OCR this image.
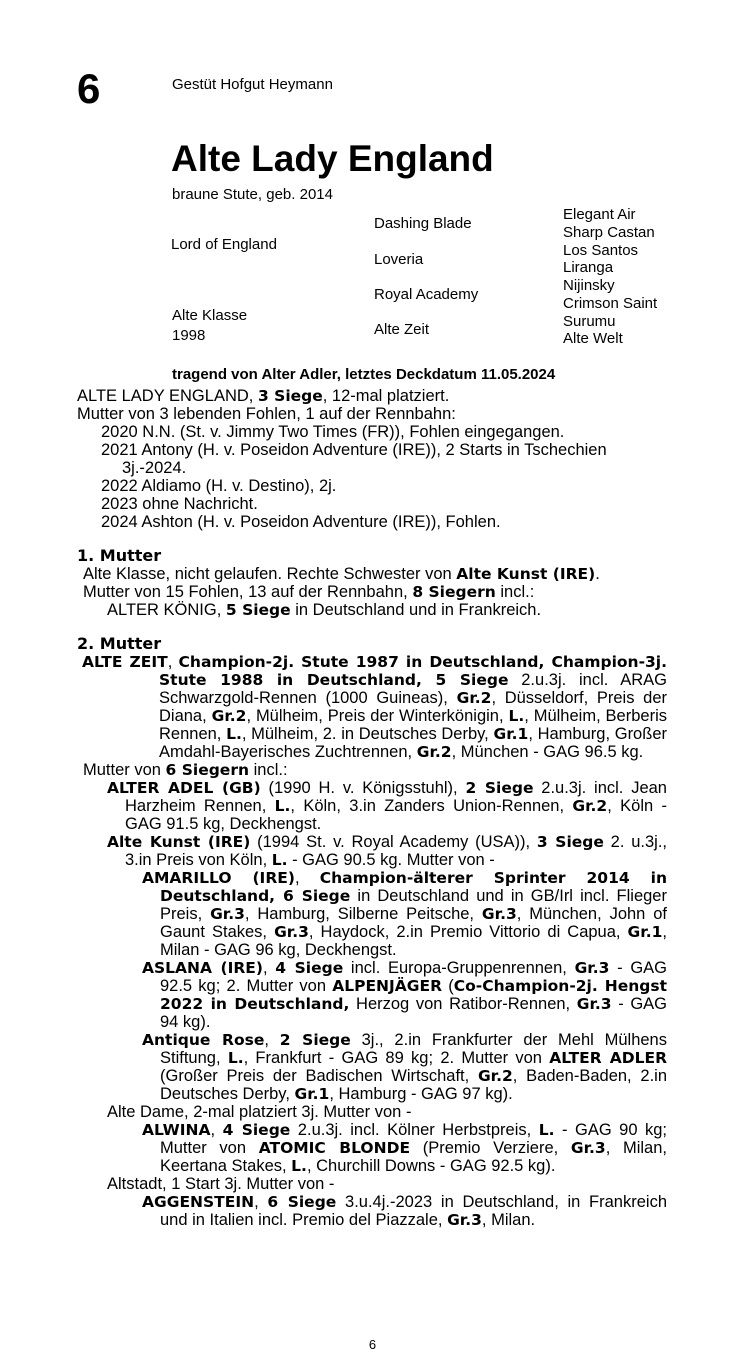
6	Gestüt Hofgut Heymann
Alte Lady England
braune Stute, geb. 2014
Lord of England
Alte Klasse
1998
Dashing Blade
Loveria
Royal Academy
Alte Zeit
Elegant Air
Sharp Castan
Los Santos
Liranga
Nijinsky
Crimson Saint
Surumu
Alte Welt
tragend von Alter Adler, letztes Deckdatum 11.05.2024

ALTE LADY ENGLAND, 3 Siege, 12-mal platziert.

Mutter von 3 lebenden Fohlen, 1 auf der Rennbahn:

2020 N.N. (St. v. Jimmy Two Times (FR)), Fohlen eingegangen.

2021 Antony (H. v. Poseidon Adventure (IRE)), 2 Starts in Tschechien 3j.-2024.

2022 Aldiamo (H. v. Destino), 2j.

2023 ohne Nachricht.

2024 Ashton (H. v. Poseidon Adventure (IRE)), Fohlen.

1. Mutter

Alte Klasse, nicht gelaufen. Rechte Schwester von Alte Kunst (IRE).

Mutter von 15 Fohlen, 13 auf der Rennbahn, 8 Siegern incl.:

ALTER KÖNIG, 5 Siege in Deutschland und in Frankreich.

2. Mutter

ALTE ZEIT, Champion-2j. Stute 1987 in Deutschland, Champion-3j. Stute 1988 in Deutschland, 5 Siege 2.u.3j. incl. ARAG Schwarzgold-Rennen (1000 Guineas), Gr.2, Düsseldorf, Preis der Diana, Gr.2, Mülheim, Preis der Winterkönigin, L., Mülheim, Berberis Rennen, L., Mülheim, 2. in Deutsches Derby, Gr.1, Hamburg, Großer Amdahl-Bayerisches Zuchtrennen, Gr.2, München - GAG 96.5 kg.

Mutter von 6 Siegern incl.:

ALTER ADEL (GB) (1990 H. v. Königsstuhl), 2 Siege 2.u.3j. incl. Jean Harzheim Rennen, L., Köln, 3.in Zanders Union-Rennen, Gr.2, Köln - GAG 91.5 kg, Deckhengst.

Alte Kunst (IRE) (1994 St. v. Royal Academy (USA)), 3 Siege 2. u.3j., 3.in Preis von Köln, L. - GAG 90.5 kg. Mutter von -

AMARILLO (IRE), Champion-älterer Sprinter 2014 in Deutschland, 6 Siege in Deutschland und in GB/Irl incl. Flieger Preis, Gr.3, Hamburg, Silberne Peitsche, Gr.3, München, John of Gaunt Stakes, Gr.3, Haydock, 2.in Premio Vittorio di Capua, Gr.1, Milan - GAG 96 kg, Deckhengst.

ASLANA (IRE), 4 Siege incl. Europa-Gruppenrennen, Gr.3 - GAG 92.5 kg; 2. Mutter von ALPENJÄGER (Co-Champion-2j. Hengst 2022 in Deutschland, Herzog von Ratibor-Rennen, Gr.3 - GAG 94 kg).

Antique Rose, 2 Siege 3j., 2.in Frankfurter der Mehl Mülhens Stiftung, L., Frankfurt - GAG 89 kg; 2. Mutter von ALTER ADLER (Großer Preis der Badischen Wirtschaft, Gr.2, Baden-Baden, 2.in Deutsches Derby, Gr.1, Hamburg - GAG 97 kg).

Alte Dame, 2-mal platziert 3j. Mutter von -

ALWINA, 4 Siege 2.u.3j. incl. Kölner Herbstpreis, L. - GAG 90 kg; Mutter von ATOMIC BLONDE (Premio Verziere, Gr.3, Milan, Keertana Stakes, L., Churchill Downs - GAG 92.5 kg).

Altstadt, 1 Start 3j. Mutter von -

AGGENSTEIN, 6 Siege 3.u.4j.-2023 in Deutschland, in Frankreich und in Italien incl. Premio del Piazzale, Gr.3, Milan.

6
